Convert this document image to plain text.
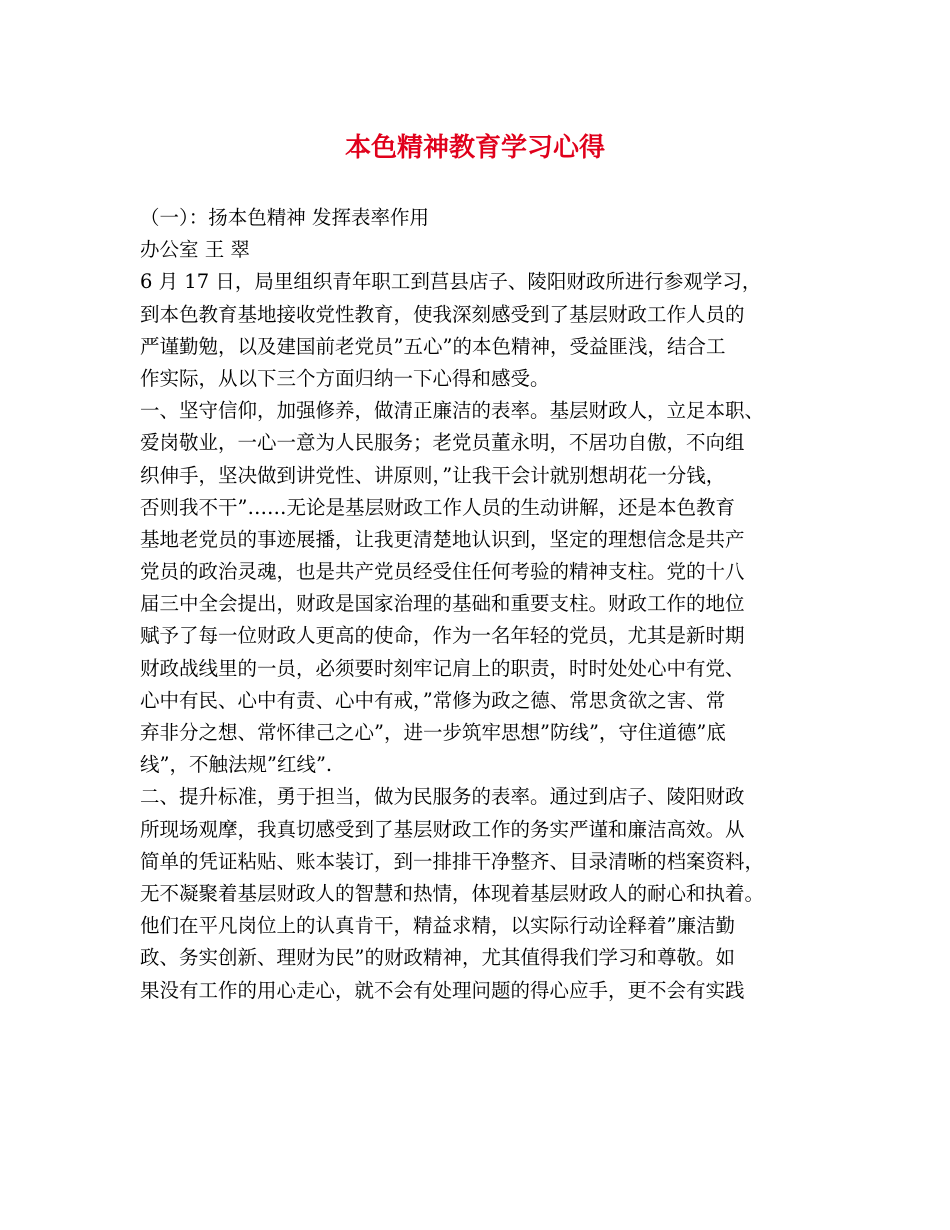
本色精神教育学习心得
（一）：扬本色精神 发挥表率作用
办公室 王 翠
6 月 17 日，局里组织青年职工到莒县店子、陵阳财政所进行参观学习，
到本色教育基地接收党性教育，使我深刻感受到了基层财政工作人员的
严谨勤勉，以及建国前老党员”五心”的本色精神，受益匪浅，结合工
作实际，从以下三个方面归纳一下心得和感受。
一、坚守信仰，加强修养，做清正廉洁的表率。基层财政人，立足本职、
爱岗敬业，一心一意为人民服务；老党员董永明，不居功自傲，不向组
织伸手，坚决做到讲党性、讲原则，”让我干会计就别想胡花一分钱，
否则我不干”……无论是基层财政工作人员的生动讲解，还是本色教育
基地老党员的事迹展播，让我更清楚地认识到，坚定的理想信念是共产
党员的政治灵魂，也是共产党员经受住任何考验的精神支柱。党的十八
届三中全会提出，财政是国家治理的基础和重要支柱。财政工作的地位
赋予了每一位财政人更高的使命，作为一名年轻的党员，尤其是新时期
财政战线里的一员，必须要时刻牢记肩上的职责，时时处处心中有党、
心中有民、心中有责、心中有戒，”常修为政之德、常思贪欲之害、常
弃非分之想、常怀律己之心”，进一步筑牢思想”防线”，守住道德”底
线”，不触法规”红线”.
二、提升标准，勇于担当，做为民服务的表率。通过到店子、陵阳财政
所现场观摩，我真切感受到了基层财政工作的务实严谨和廉洁高效。从
简单的凭证粘贴、账本装订，到一排排干净整齐、目录清晰的档案资料，
无不凝聚着基层财政人的智慧和热情，体现着基层财政人的耐心和执着。
他们在平凡岗位上的认真肯干，精益求精，以实际行动诠释着”廉洁勤
政、务实创新、理财为民”的财政精神，尤其值得我们学习和尊敬。如
果没有工作的用心走心，就不会有处理问题的得心应手，更不会有实践
